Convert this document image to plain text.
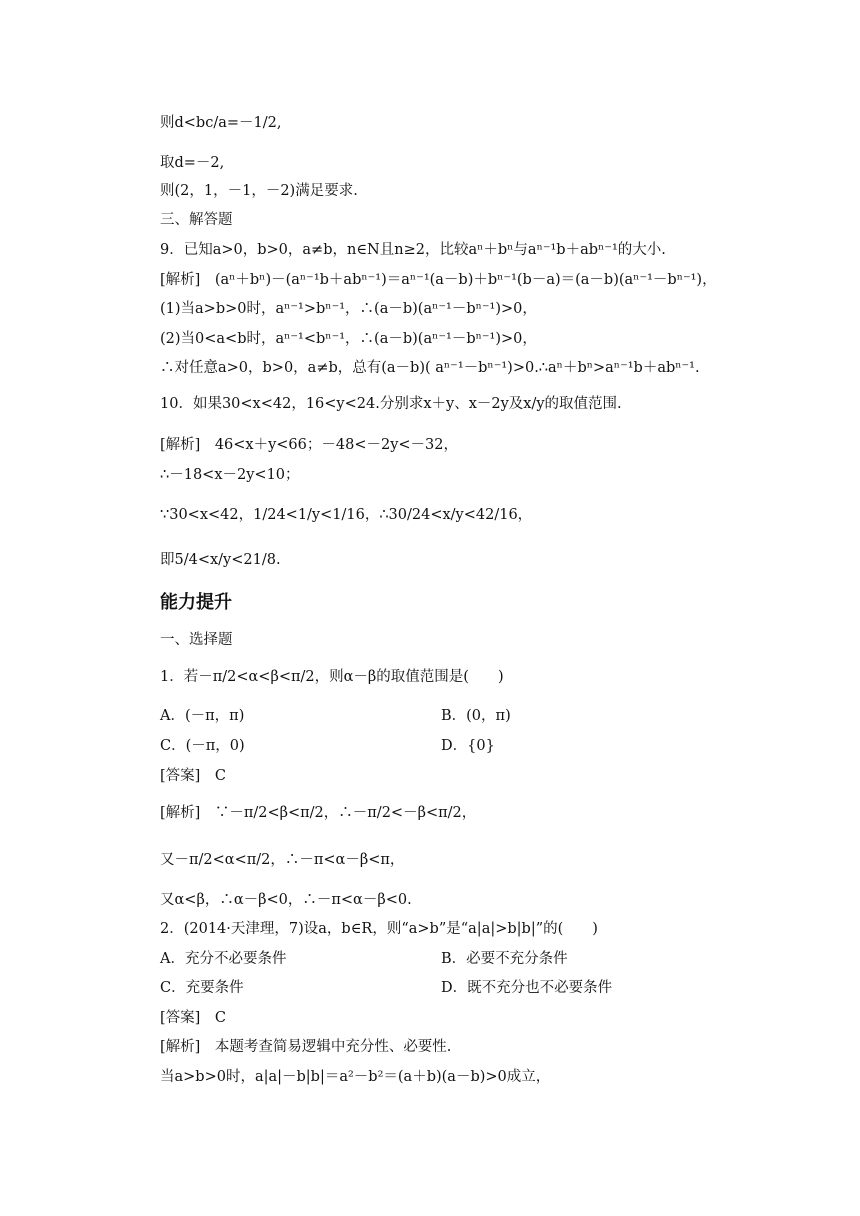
则d<bc/a=－1/2,
取d=－2,
则(2，1，－1，－2)满足要求.
三、解答题
9．已知a>0，b>0，a≠b，n∈N且n≥2，比较aⁿ＋bⁿ与aⁿ⁻¹b＋abⁿ⁻¹的大小.
[解析]　(aⁿ＋bⁿ)－(aⁿ⁻¹b＋abⁿ⁻¹)＝aⁿ⁻¹(a－b)＋bⁿ⁻¹(b－a)＝(a－b)(aⁿ⁻¹－bⁿ⁻¹)，
(1)当a>b>0时，aⁿ⁻¹>bⁿ⁻¹，∴(a－b)(aⁿ⁻¹－bⁿ⁻¹)>0，
(2)当0<a<b时，aⁿ⁻¹<bⁿ⁻¹，∴(a－b)(aⁿ⁻¹－bⁿ⁻¹)>0，
∴对任意a>0，b>0，a≠b，总有(a－b)( aⁿ⁻¹－bⁿ⁻¹)>0.∴aⁿ＋bⁿ>aⁿ⁻¹b＋abⁿ⁻¹.
10．如果30<x<42，16<y<24.分别求x＋y、x－2y及x/y的取值范围.
[解析]　46<x＋y<66；－48<－2y<－32，
∴－18<x－2y<10；
∵30<x<42，1/24<1/y<1/16，∴30/24<x/y<42/16，
即5/4<x/y<21/8.
能力提升
一、选择题
1．若－π/2<α<β<π/2，则α－β的取值范围是(　　)
A．(－π，π)	B．(0，π)
C．(－π，0)	D．{0}
[答案]　C
[解析]　∵－π/2<β<π/2，∴－π/2<－β<π/2，
又－π/2<α<π/2，∴－π<α－β<π，
又α<β，∴α－β<0，∴－π<α－β<0.
2．(2014·天津理，7)设a，b∈R，则“a>b”是“a|a|>b|b|”的(　　)
A．充分不必要条件	B．必要不充分条件
C．充要条件	D．既不充分也不必要条件
[答案]　C
[解析]　本题考查简易逻辑中充分性、必要性.
当a>b>0时，a|a|－b|b|＝a²－b²＝(a＋b)(a－b)>0成立，
